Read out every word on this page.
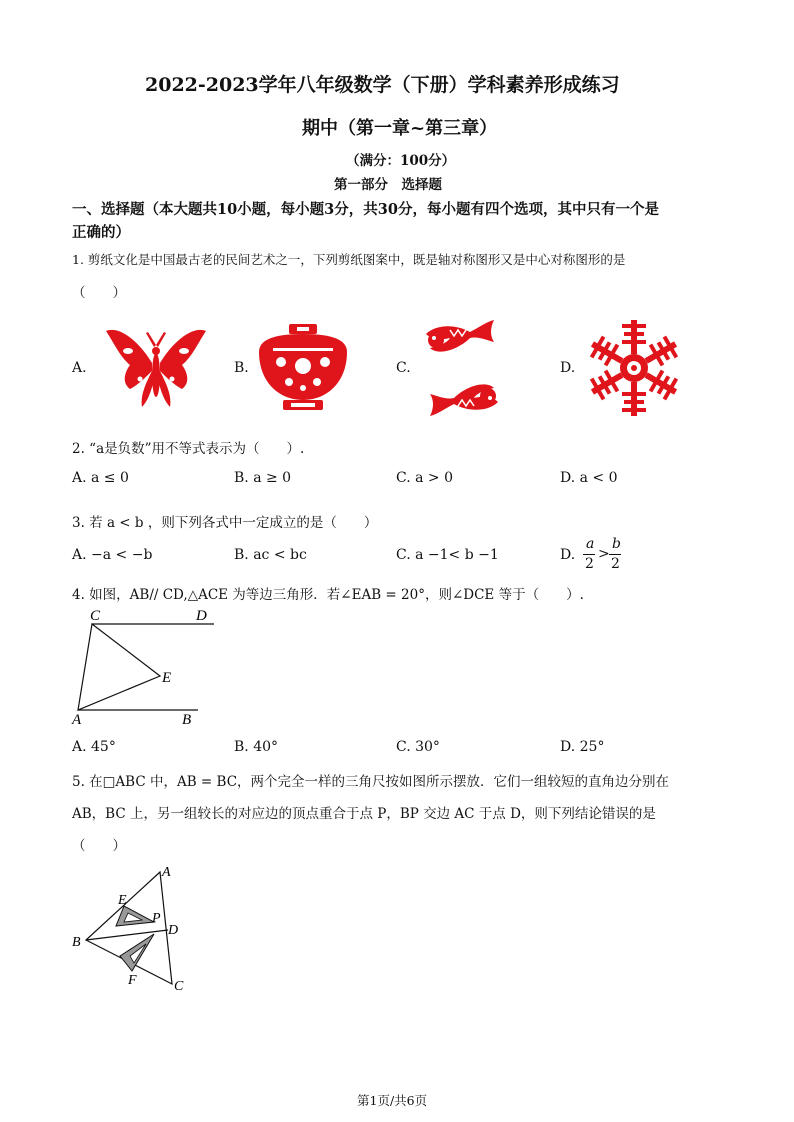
2022-2023学年八年级数学（下册）学科素养形成练习
期中（第一章~第三章）
（满分：100分）
第一部分　选择题
一、选择题（本大题共10小题，每小题3分，共30分，每小题有四个选项，其中只有一个是
正确的）
1. 剪纸文化是中国最古老的民间艺术之一，下列剪纸图案中，既是轴对称图形又是中心对称图形的是
（　　）
A.	B.	C.	D.
2. “a是负数”用不等式表示为（　　）.
A. a ≤ 0	B. a ≥ 0	C. a > 0	D. a < 0
3. 若 a < b ，则下列各式中一定成立的是（　　）
A. −a < −b	B. ac < bc	C. a −1< b −1	D.
a
2
>
b
2
4. 如图，AB// CD,△ACE 为等边三角形．若∠EAB = 20°，则∠DCE 等于（　　）.
C	D
E
A	B
A. 45°	B. 40°	C. 30°	D. 25°
5. 在□ABC 中，AB = BC，两个完全一样的三角尺按如图所示摆放．它们一组较短的直角边分别在
AB，BC 上，另一组较长的对应边的顶点重合于点 P，BP 交边 AC 于点 D，则下列结论错误的是
（　　）
A
E
P
D
B
F	C
第1页/共6页
